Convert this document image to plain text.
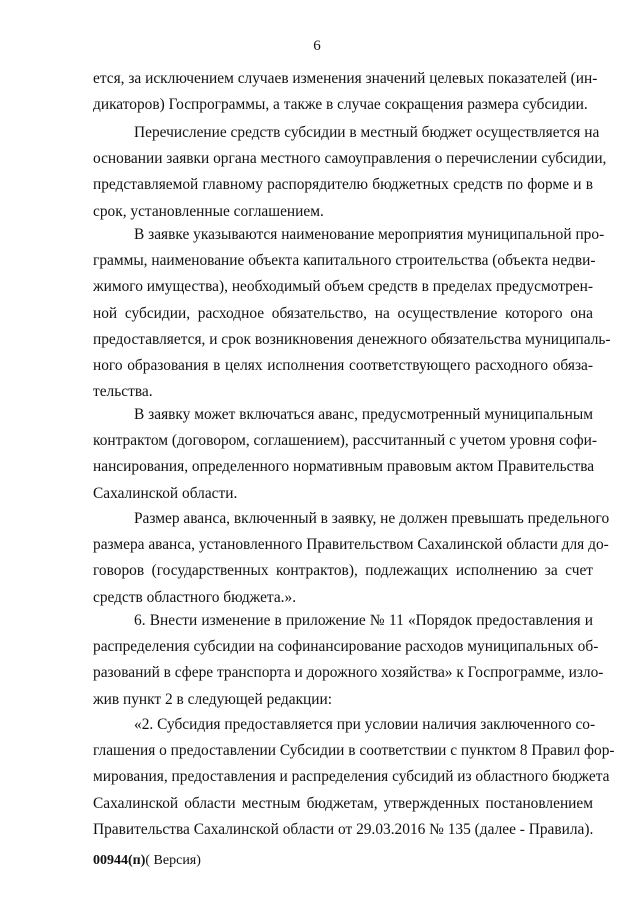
6
ется, за исключением случаев изменения значений целевых показателей (ин-
дикаторов) Госпрограммы, а также в случае сокращения размера субсидии.
Перечисление средств субсидии в местный бюджет осуществляется на
основании заявки органа местного самоуправления о перечислении субсидии,
представляемой главному распорядителю бюджетных средств по форме и в
срок, установленные соглашением.
В заявке указываются наименование мероприятия муниципальной про-
граммы, наименование объекта капитального строительства (объекта недви-
жимого имущества), необходимый объем средств в пределах предусмотрен-
ной субсидии, расходное обязательство, на осуществление которого она
предоставляется, и срок возникновения денежного обязательства муниципаль-
ного образования в целях исполнения соответствующего расходного обяза-
тельства.
В заявку может включаться аванс, предусмотренный муниципальным
контрактом (договором, соглашением), рассчитанный с учетом уровня софи-
нансирования, определенного нормативным правовым актом Правительства
Сахалинской области.
Размер аванса, включенный в заявку, не должен превышать предельного
размера аванса, установленного Правительством Сахалинской области для до-
говоров (государственных контрактов), подлежащих исполнению за счет
средств областного бюджета.».
6. Внести изменение в приложение № 11 «Порядок предоставления и
распределения субсидии на софинансирование расходов муниципальных об-
разований в сфере транспорта и дорожного хозяйства» к Госпрограмме, изло-
жив пункт 2 в следующей редакции:
«2. Субсидия предоставляется при условии наличия заключенного со-
глашения о предоставлении Субсидии в соответствии с пунктом 8 Правил фор-
мирования, предоставления и распределения субсидий из областного бюджета
Сахалинской области местным бюджетам, утвержденных постановлением
Правительства Сахалинской области от 29.03.2016 № 135 (далее - Правила).
00944(п)( Версия)
